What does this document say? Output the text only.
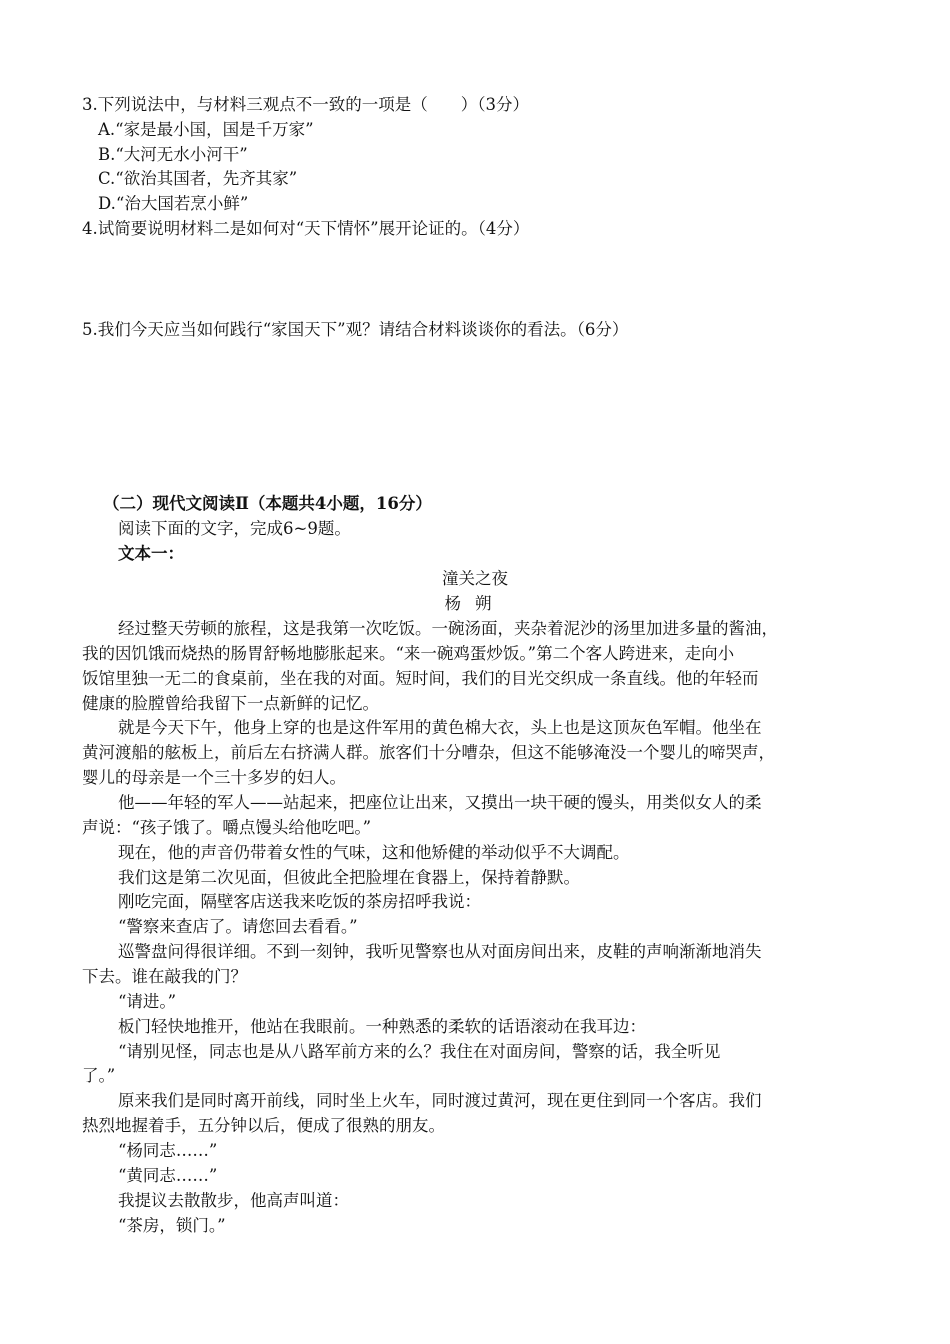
3.下列说法中，与材料三观点不一致的一项是（　　）（3分）
A.“家是最小国，国是千万家”
B.“大河无水小河干”
C.“欲治其国者，先齐其家”
D.“治大国若烹小鲜”
4.试简要说明材料二是如何对“天下情怀”展开论证的。（4分）
5.我们今天应当如何践行“家国天下”观？请结合材料谈谈你的看法。（6分）
（二）现代文阅读Ⅱ（本题共4小题，16分）
阅读下面的文字，完成6~9题。
文本一：
潼关之夜
杨朔
经过整天劳顿的旅程，这是我第一次吃饭。一碗汤面，夹杂着泥沙的汤里加进多量的酱油，
我的因饥饿而烧热的肠胃舒畅地膨胀起来。“来一碗鸡蛋炒饭。”第二个客人跨进来，走向小
饭馆里独一无二的食桌前，坐在我的对面。短时间，我们的目光交织成一条直线。他的年轻而
健康的脸膛曾给我留下一点新鲜的记忆。
就是今天下午，他身上穿的也是这件军用的黄色棉大衣，头上也是这顶灰色军帽。他坐在
黄河渡船的舷板上，前后左右挤满人群。旅客们十分嘈杂，但这不能够淹没一个婴儿的啼哭声，
婴儿的母亲是一个三十多岁的妇人。
他——年轻的军人——站起来，把座位让出来，又摸出一块干硬的馒头，用类似女人的柔
声说：“孩子饿了。嚼点馒头给他吃吧。”
现在，他的声音仍带着女性的气味，这和他矫健的举动似乎不大调配。
我们这是第二次见面，但彼此全把脸埋在食器上，保持着静默。
刚吃完面，隔壁客店送我来吃饭的茶房招呼我说：
“警察来查店了。请您回去看看。”
巡警盘问得很详细。不到一刻钟，我听见警察也从对面房间出来，皮鞋的声响渐渐地消失
下去。谁在敲我的门？
“请进。”
板门轻快地推开，他站在我眼前。一种熟悉的柔软的话语滚动在我耳边：
“请别见怪，同志也是从八路军前方来的么？我住在对面房间，警察的话，我全听见
了。”
原来我们是同时离开前线，同时坐上火车，同时渡过黄河，现在更住到同一个客店。我们
热烈地握着手，五分钟以后，便成了很熟的朋友。
“杨同志……”
“黄同志……”
我提议去散散步，他高声叫道：
“茶房，锁门。”
